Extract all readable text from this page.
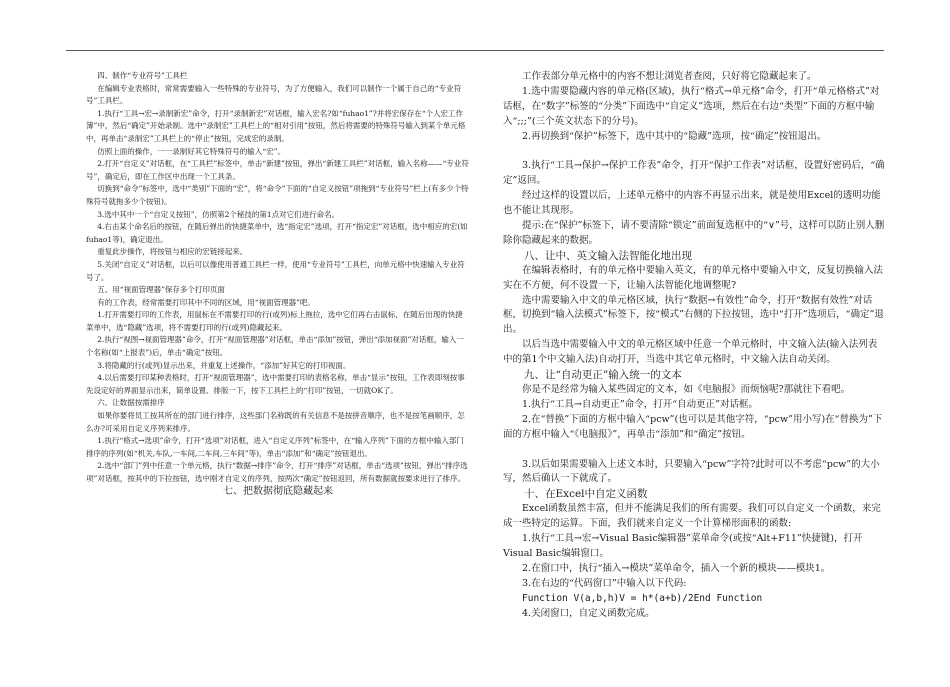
四、制作“专业符号”工具栏

在编辑专业表格时，常常需要输入一些特殊的专业符号，为了方便输入，我们可以制作一个属于自己的“专业符号”工具栏。

1.执行“工具→宏→录制新宏”命令，打开“录制新宏”对话框，输入宏名?如“fuhao1”?并将宏保存在“个人宏工作簿”中，然后“确定”开始录制。选中“录制宏”工具栏上的“相对引用”按钮，然后将需要的特殊符号输入到某个单元格中，再单击“录制宏”工具栏上的“停止”按钮，完成宏的录制。

仿照上面的操作，一一录制好其它特殊符号的输入“宏”。

2.打开“自定义”对话框，在“工具栏”标签中，单击“新建”按钮，弹出“新建工具栏”对话框，输入名称——“专业符号”，确定后，即在工作区中出现一个工具条。

切换到“命令”标签中，选中“类别”下面的“宏”，将“命令”下面的“自定义按钮”项拖到“专业符号”栏上(有多少个特殊符号就拖多少个按钮)。

3.选中其中一个“自定义按钮”，仿照第2个秘技的第1点对它们进行命名。

4.右击某个命名后的按钮，在随后弹出的快捷菜单中，选“指定宏”选项，打开“指定宏”对话框，选中相应的宏(如fuhao1等)，确定退出。

重复此步操作，将按钮与相应的宏链接起来。

5.关闭“自定义”对话框，以后可以像使用普通工具栏一样，使用“专业符号”工具栏，向单元格中快速输入专业符号了。

五、用“视面管理器”保存多个打印页面

有的工作表，经常需要打印其中不同的区域，用“视面管理器”吧。

1.打开需要打印的工作表，用鼠标在不需要打印的行(或列)标上拖拉，选中它们再右击鼠标，在随后出现的快捷菜单中，选“隐藏”选项，将不需要打印的行(或列)隐藏起来。

2.执行“视图→视面管理器”命令，打开“视面管理器”对话框，单击“添加”按钮，弹出“添加视面”对话框，输入一个名称(如“上报表”)后，单击“确定”按钮。

3.将隐藏的行(或列)显示出来，并重复上述操作，“添加”好其它的打印视面。

4.以后需要打印某种表格时，打开“视面管理器”，选中需要打印的表格名称，单击“显示”按钮，工作表即刻按事先设定好的界面显示出来，简单设置、排版一下，按下工具栏上的“打印”按钮，一切就OK了。

六、让数据按需排序

如果你要将员工按其所在的部门进行排序，这些部门名称既的有关信息不是按拼音顺序，也不是按笔画顺序，怎么办?可采用自定义序列来排序。

1.执行“格式→选项”命令，打开“选项”对话框，进入“自定义序列”标签中，在“输入序列”下面的方框中输入部门排序的序列(如“机关,车队,一车间,二车间,三车间”等)，单击“添加”和“确定”按钮退出。

2.选中“部门”列中任意一个单元格，执行“数据→排序”命令，打开“排序”对话框，单击“选项”按钮，弹出“排序选项”对话框，按其中的下拉按钮，选中刚才自定义的序列，按两次“确定”按钮返回，所有数据就按要求进行了排序。

七、把数据彻底隐藏起来

工作表部分单元格中的内容不想让浏览者查阅，只好将它隐藏起来了。

1.选中需要隐藏内容的单元格(区域)，执行“格式→单元格”命令，打开“单元格格式”对话框，在“数字”标签的“分类”下面选中“自定义”选项，然后在右边“类型”下面的方框中输入“;;;”(三个英文状态下的分号)。

2.再切换到“保护”标签下，选中其中的“隐藏”选项，按“确定”按钮退出。

3.执行“工具→保护→保护工作表”命令，打开“保护工作表”对话框，设置好密码后，“确定”返回。

经过这样的设置以后，上述单元格中的内容不再显示出来，就是使用Excel的透明功能也不能让其现形。

提示:在“保护”标签下，请不要清除“锁定”前面复选框中的“∨”号，这样可以防止别人删除你隐藏起来的数据。

八、让中、英文输入法智能化地出现

在编辑表格时，有的单元格中要输入英文，有的单元格中要输入中文，反复切换输入法实在不方便，何不设置一下，让输入法智能化地调整呢?

选中需要输入中文的单元格区域，执行“数据→有效性”命令，打开“数据有效性”对话框，切换到“输入法模式”标签下，按“模式”右侧的下拉按钮，选中“打开”选项后，“确定”退出。

以后当选中需要输入中文的单元格区域中任意一个单元格时，中文输入法(输入法列表中的第1个中文输入法)自动打开，当选中其它单元格时，中文输入法自动关闭。

九、让“自动更正”输入统一的文本

你是不是经常为输入某些固定的文本，如《电脑报》而烦恼呢?那就往下看吧。

1.执行“工具→自动更正”命令，打开“自动更正”对话框。

2.在“替换”下面的方框中输入“pcw”(也可以是其他字符，“pcw”用小写)在“替换为”下面的方框中输入“《电脑报》”，再单击“添加”和“确定”按钮。

3.以后如果需要输入上述文本时，只要输入“pcw”字符?此时可以不考虑“pcw”的大小写，然后确认一下就成了。

十、在Excel中自定义函数

Excel函数虽然丰富，但并不能满足我们的所有需要。我们可以自定义一个函数，来完成一些特定的运算。下面，我们就来自定义一个计算梯形面积的函数:

1.执行“工具→宏→Visual Basic编辑器”菜单命令(或按“Alt+F11”快捷键)，打开Visual Basic编辑窗口。

2.在窗口中，执行“插入→模块”菜单命令，插入一个新的模块——模块1。

3.在右边的“代码窗口”中输入以下代码:

Function V(a,b,h)V = h*(a+b)/2End Function

4.关闭窗口，自定义函数完成。
